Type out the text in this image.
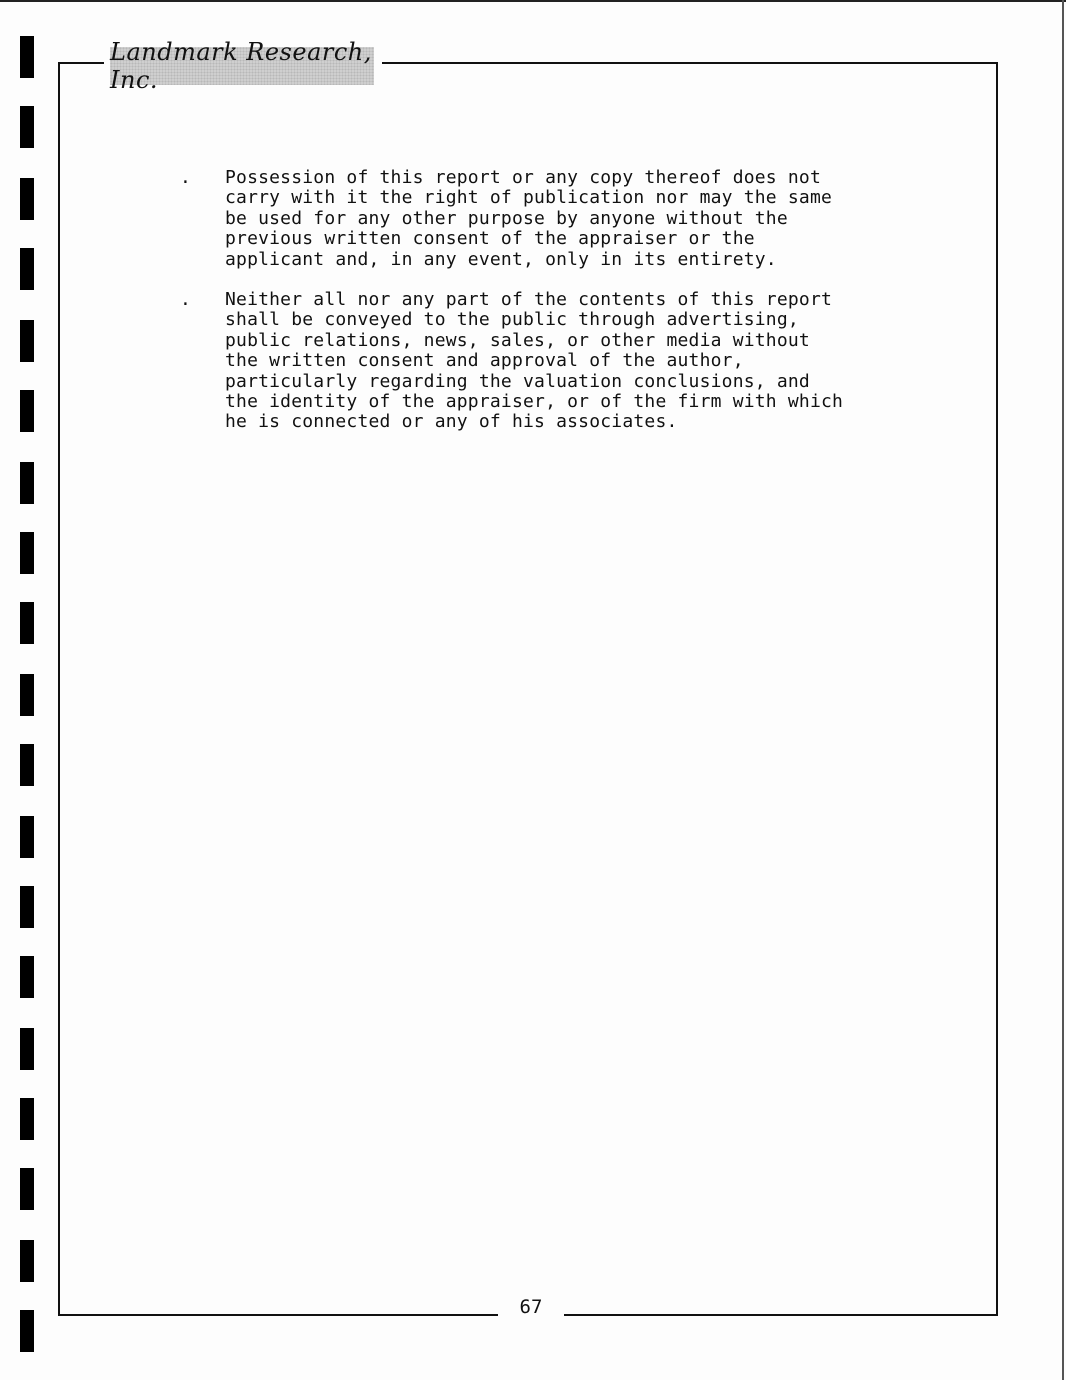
Landmark Research, Inc.
.	Possession of this report or any copy thereof does not
carry with it the right of publication nor may the same
be used for any other purpose by anyone without the
previous written consent of the appraiser or the
applicant and, in any event, only in its entirety.
.	Neither all nor any part of the contents of this report
shall be conveyed to the public through advertising,
public relations, news, sales, or other media without
the written consent and approval of the author,
particularly regarding the valuation conclusions, and
the identity of the appraiser, or of the firm with which
he is connected or any of his associates.
67
